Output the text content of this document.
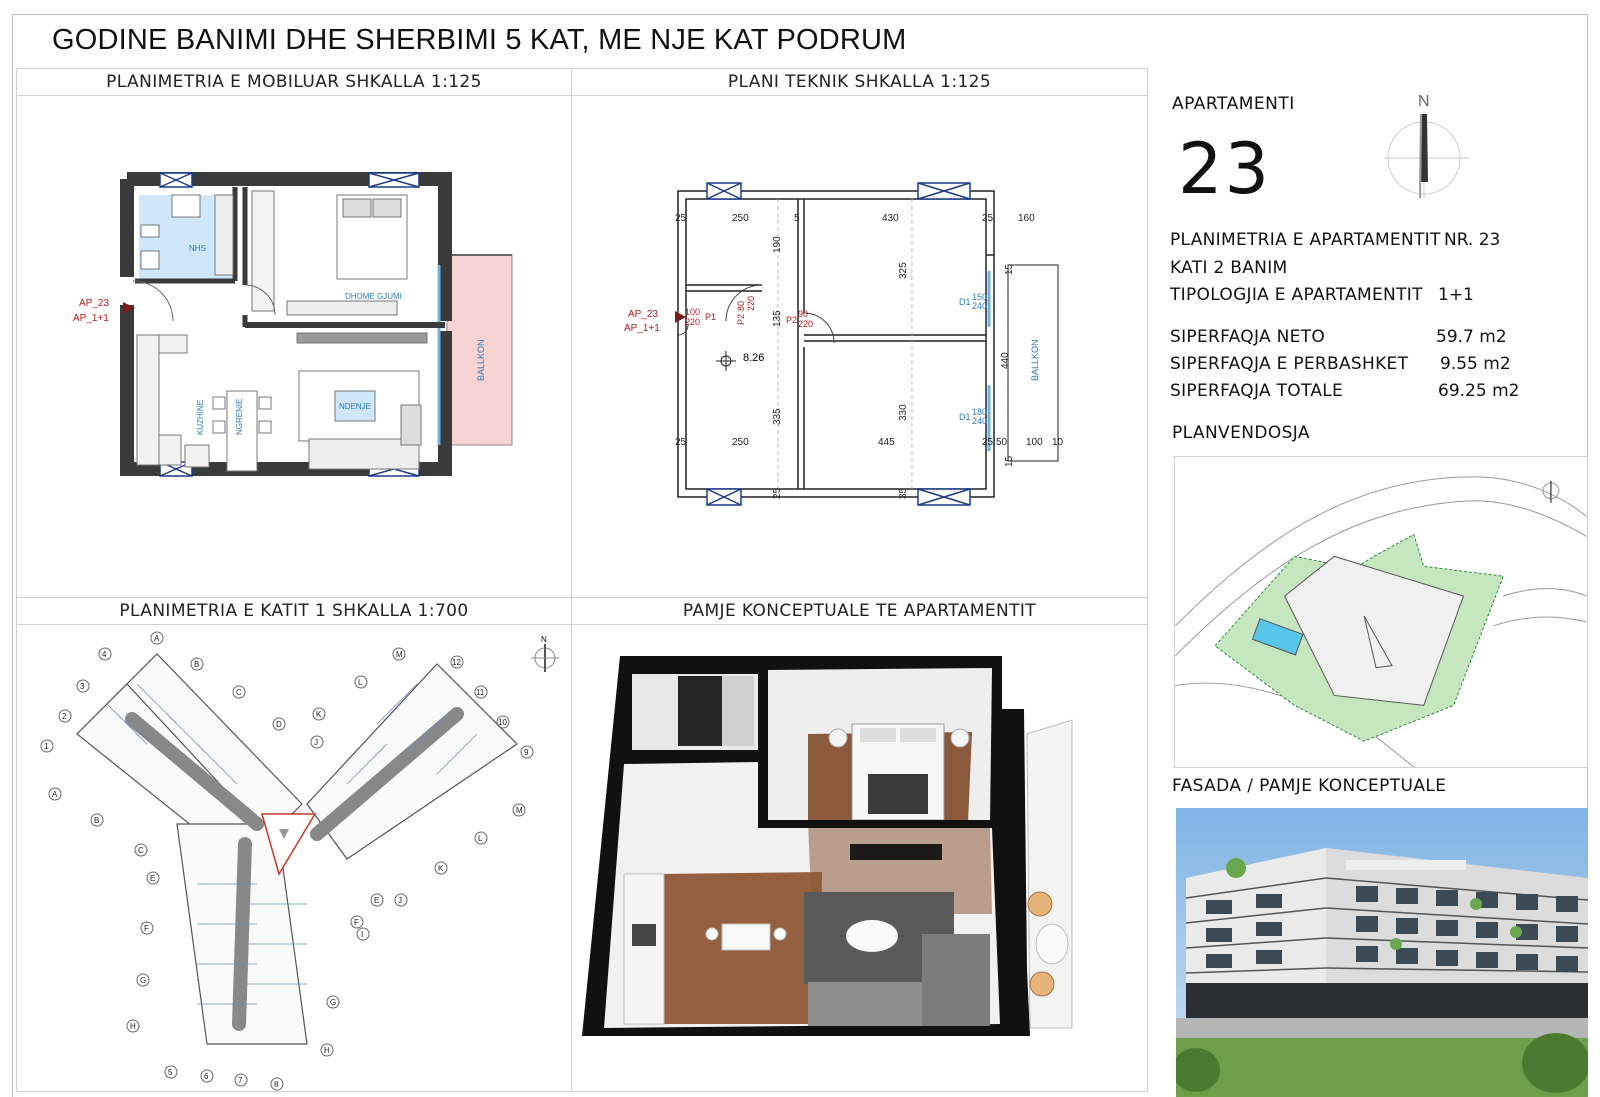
GODINE BANIMI DHE SHERBIMI 5 KAT, ME NJE KAT PODRUM
PLANIMETRIA E MOBILUAR SHKALLA 1:125
NHS
DHOME GJUMI
NDENJE
KUZHINE	NGRENIE
BALLKON
AP_23
AP_1+1
PLANI TEKNIK SHKALLA 1:125
8.26
25	250	5	430	25 160
25	250	445	25 50 100 10
190
135
335
325
330
440
15
15
25	35
100
220 P1 P2
80 220
P2
90
220
D1 150
240
D1 180
240
BALLKON
AP_23
AP_1+1
PLANIMETRIA E KATIT 1 SHKALLA 1:700
N
A
B
C
D
4
3
2
1
A
B
C
M
L
K
J
12
11
10
9
M
L
K
J
I
E
F
G
H
E
F
G
H
5	6	7	8
PAMJE KONCEPTUALE TE APARTAMENTIT
APARTAMENTI
23
N
PLANIMETRIA E APARTAMENTIT NR. 23
KATI 2 BANIM
TIPOLOGJIA E APARTAMENTIT 1+1
SIPERFAQJA NETO	59.7 m2
SIPERFAQJA E PERBASHKET 9.55 m2
SIPERFAQJA TOTALE	69.25 m2
PLANVENDOSJA
FASADA / PAMJE KONCEPTUALE
